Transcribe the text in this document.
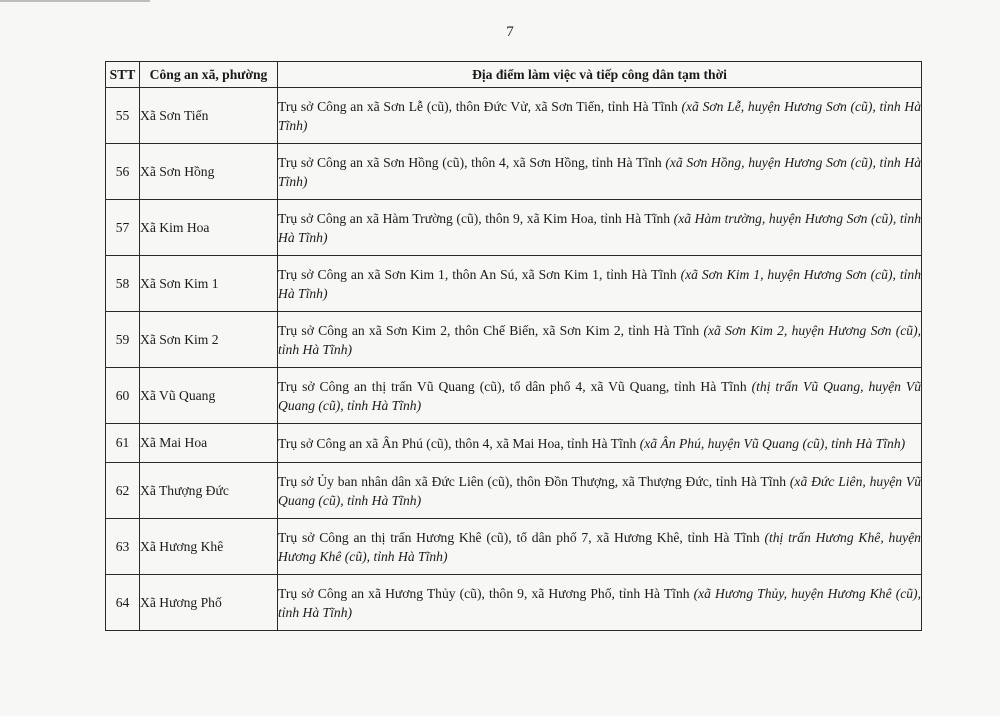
7
STT	Công an xã, phường	Địa điểm làm việc và tiếp công dân tạm thời
55	Xã Sơn Tiến	Trụ sở Công an xã Sơn Lễ (cũ), thôn Đức Vử, xã Sơn Tiến, tỉnh Hà Tĩnh (xã Sơn Lễ, huyện Hương Sơn (cũ), tỉnh Hà Tĩnh)
56	Xã Sơn Hồng	Trụ sở Công an xã Sơn Hồng (cũ), thôn 4, xã Sơn Hồng, tỉnh Hà Tĩnh (xã Sơn Hồng, huyện Hương Sơn (cũ), tỉnh Hà Tĩnh)
57	Xã Kim Hoa	Trụ sở Công an xã Hàm Trường (cũ), thôn 9, xã Kim Hoa, tỉnh Hà Tĩnh (xã Hàm trường, huyện Hương Sơn (cũ), tỉnh Hà Tĩnh)
58	Xã Sơn Kim 1	Trụ sở Công an xã Sơn Kim 1, thôn An Sú, xã Sơn Kim 1, tỉnh Hà Tĩnh (xã Sơn Kim 1, huyện Hương Sơn (cũ), tỉnh Hà Tĩnh)
59	Xã Sơn Kim 2	Trụ sở Công an xã Sơn Kim 2, thôn Chế Biến, xã Sơn Kim 2, tỉnh Hà Tĩnh (xã Sơn Kim 2, huyện Hương Sơn (cũ), tỉnh Hà Tĩnh)
60	Xã Vũ Quang	Trụ sở Công an thị trấn Vũ Quang (cũ), tổ dân phố 4, xã Vũ Quang, tỉnh Hà Tĩnh (thị trấn Vũ Quang, huyện Vũ Quang (cũ), tỉnh Hà Tĩnh)
61	Xã Mai Hoa	Trụ sở Công an xã Ân Phú (cũ), thôn 4, xã Mai Hoa, tỉnh Hà Tĩnh (xã Ân Phú, huyện Vũ Quang (cũ), tỉnh Hà Tĩnh)
62	Xã Thượng Đức	Trụ sở Ủy ban nhân dân xã Đức Liên (cũ), thôn Đồn Thượng, xã Thượng Đức, tỉnh Hà Tĩnh (xã Đức Liên, huyện Vũ Quang (cũ), tỉnh Hà Tĩnh)
63	Xã Hương Khê	Trụ sở Công an thị trấn Hương Khê (cũ), tổ dân phố 7, xã Hương Khê, tỉnh Hà Tĩnh (thị trấn Hương Khê, huyện Hương Khê (cũ), tỉnh Hà Tĩnh)
64	Xã Hương Phố	Trụ sở Công an xã Hương Thủy (cũ), thôn 9, xã Hương Phố, tỉnh Hà Tĩnh (xã Hương Thủy, huyện Hương Khê (cũ), tỉnh Hà Tĩnh)
